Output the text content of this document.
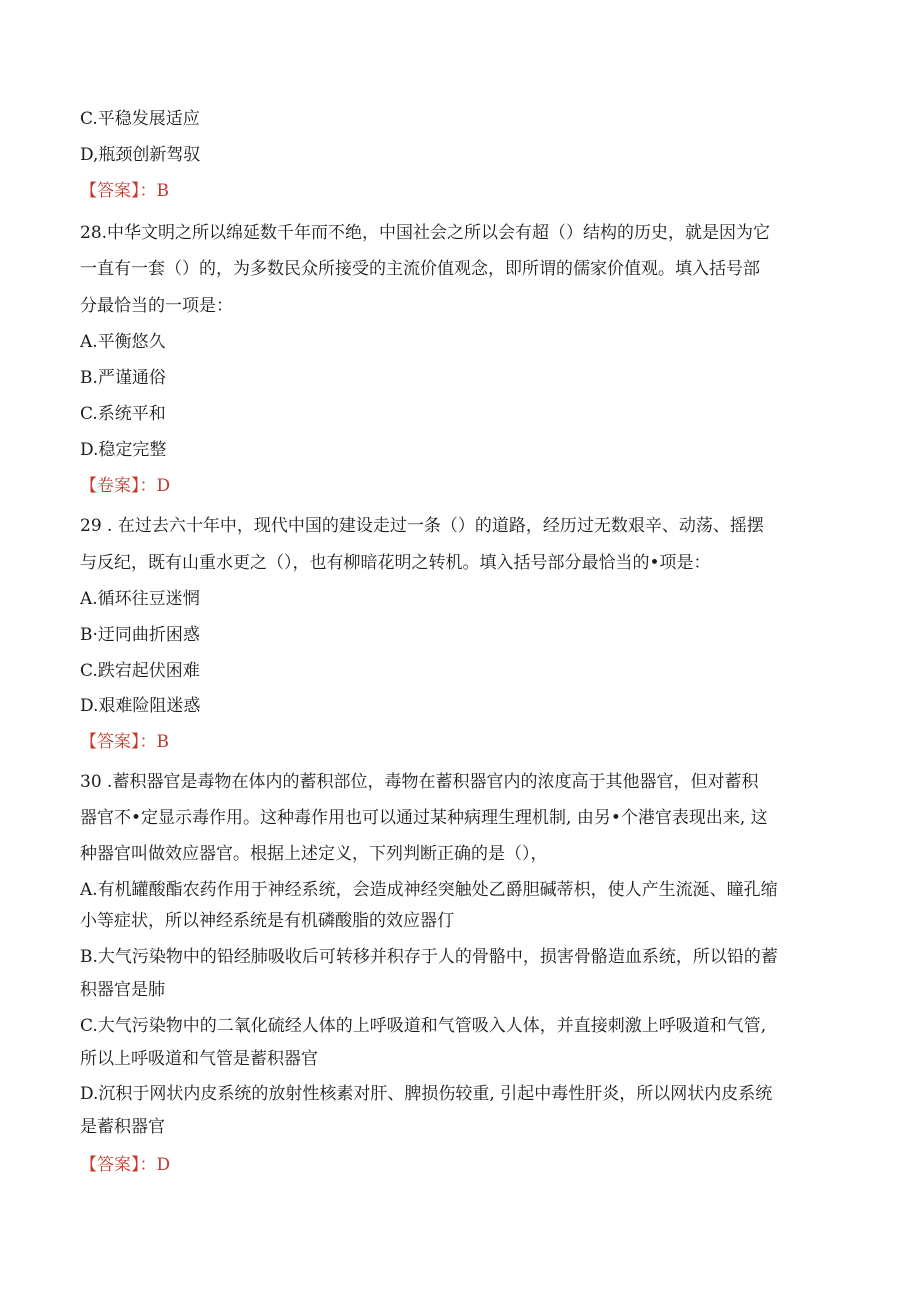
C.平稳发展适应
D,瓶颈创新驾驭
【答案】：B
28.中华文明之所以绵延数千年而不绝，中国社会之所以会有超（）结构的历史，就是因为它
一直有一套（）的，为多数民众所接受的主流价值观念，即所谓的儒家价值观。填入括号部
分最恰当的一项是：
A.平衡悠久
B.严谨通俗
C.系统平和
D.稳定完整
【卷案】：D
29 . 在过去六十年中，现代中国的建设走过一条（）的道路，经历过无数艰辛、动荡、摇摆
与反纪，既有山重水更之（），也有柳暗花明之转机。填入括号部分最恰当的•项是：
A.循环往豆迷惘
B·迂同曲折困惑
C.跌宕起伏困难
D.艰难险阻迷惑
【答案】：B
30 .蓄积器官是毒物在体内的蓄积部位，毒物在蓄积器官内的浓度高于其他器官，但对蓄积
器官不•定显示毒作用。这种毒作用也可以通过某种病理生理机制, 由另•个港官表现出来, 这
种器官叫做效应器官。根据上述定义，下列判断正确的是（），
A.有机罐酸酯农药作用于神经系统，会造成神经突触处乙爵胆碱蒂枳，使人产生流涎、瞳孔缩
小等症状，所以神经系统是有机磷酸脂的效应器仃
B.大气污染物中的铅经肺吸收后可转移并积存于人的骨骼中，损害骨骼造血系统，所以铅的蓄
积器官是肺
C.大气污染物中的二氧化硫经人体的上呼吸道和气管吸入人体，并直接刺激上呼吸道和气管,
所以上呼吸道和气管是蓄积器官
D.沉积于网状内皮系统的放射性核素对肝、脾损伤较重, 引起中毒性肝炎，所以网状内皮系统
是蓄积器官
【答案】：D
